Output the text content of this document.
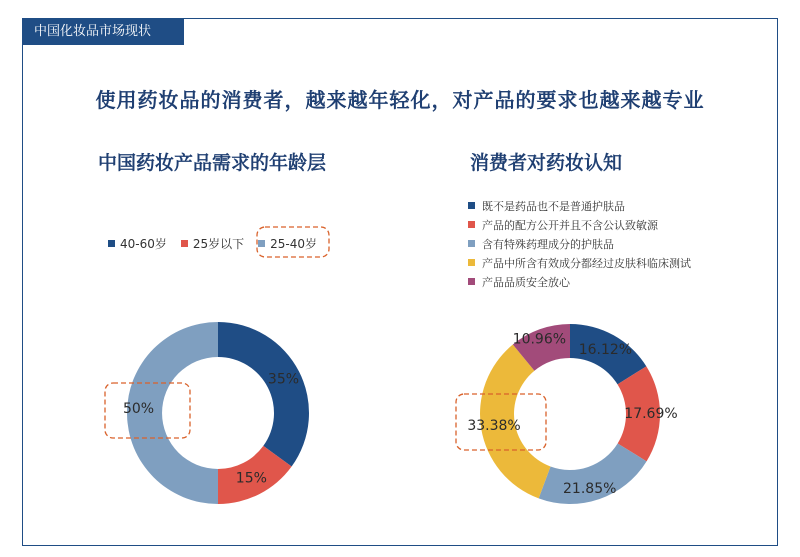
中国化妆品市场现状
使用药妆品的消费者，越来越年轻化，对产品的要求也越来越专业
中国药妆产品需求的年龄层	消费者对药妆认知
40-60岁 25岁以下 25-40岁
既不是药品也不是普通护肤品
产品的配方公开并且不含公认致敏源
含有特殊药理成分的护肤品
产品中所含有效成分都经过皮肤科临床测试
产品品质安全放心
35%
15%
50%
16.12%
17.69%
21.85%
33.38%
10.96%
